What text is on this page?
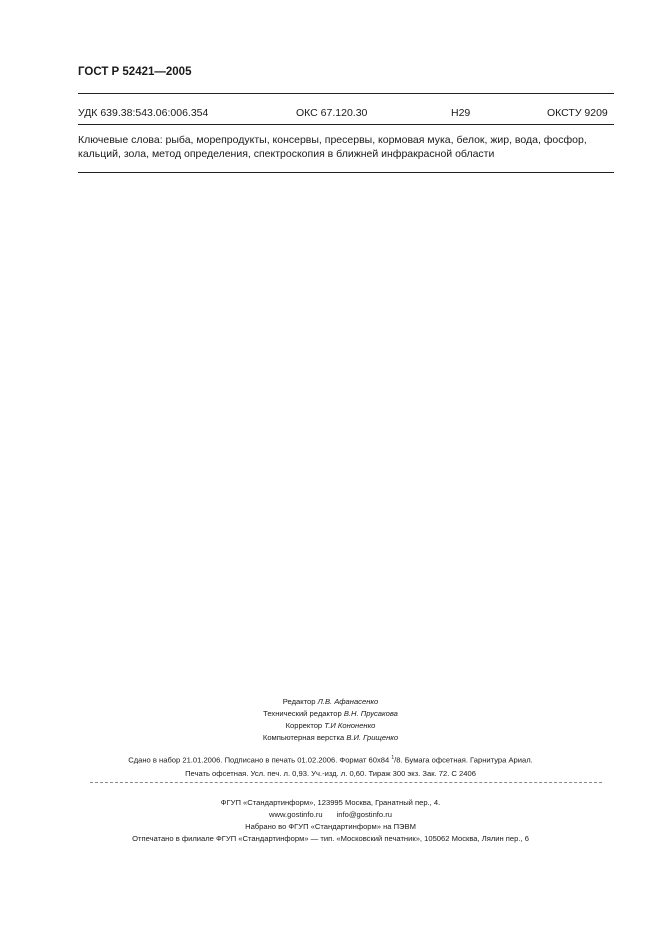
ГОСТ Р 52421—2005
УДК 639.38:543.06:006.354	ОКС 67.120.30	Н29	ОКСТУ 9209
Ключевые слова: рыба, морепродукты, консервы, пресервы, кормовая мука, белок, жир, вода, фосфор,
кальций, зола, метод определения, спектроскопия в ближней инфракрасной области
Редактор Л.В. Афанасенко
Технический редактор В.Н. Прусакова
Корректор Т.И Кононенко
Компьютерная верстка В.И. Грищенко
Сдано в набор 21.01.2006. Подписано в печать 01.02.2006. Формат 60x84 $^1$/8. Бумага офсетная. Гарнитура Ариал.
Печать офсетная. Усл. печ. л. 0,93. Уч.-изд. л. 0,60. Тираж 300 экз. Зак. 72. С 2406
ФГУП «Стандартинформ», 123995 Москва, Гранатный пер., 4.
www.gostinfo.ru info@gostinfo.ru
Набрано во ФГУП «Стандартинформ» на ПЭВМ
Отпечатано в филиале ФГУП «Стандартинформ» — тип. «Московский печатник», 105062 Москва, Лялин пер., 6
